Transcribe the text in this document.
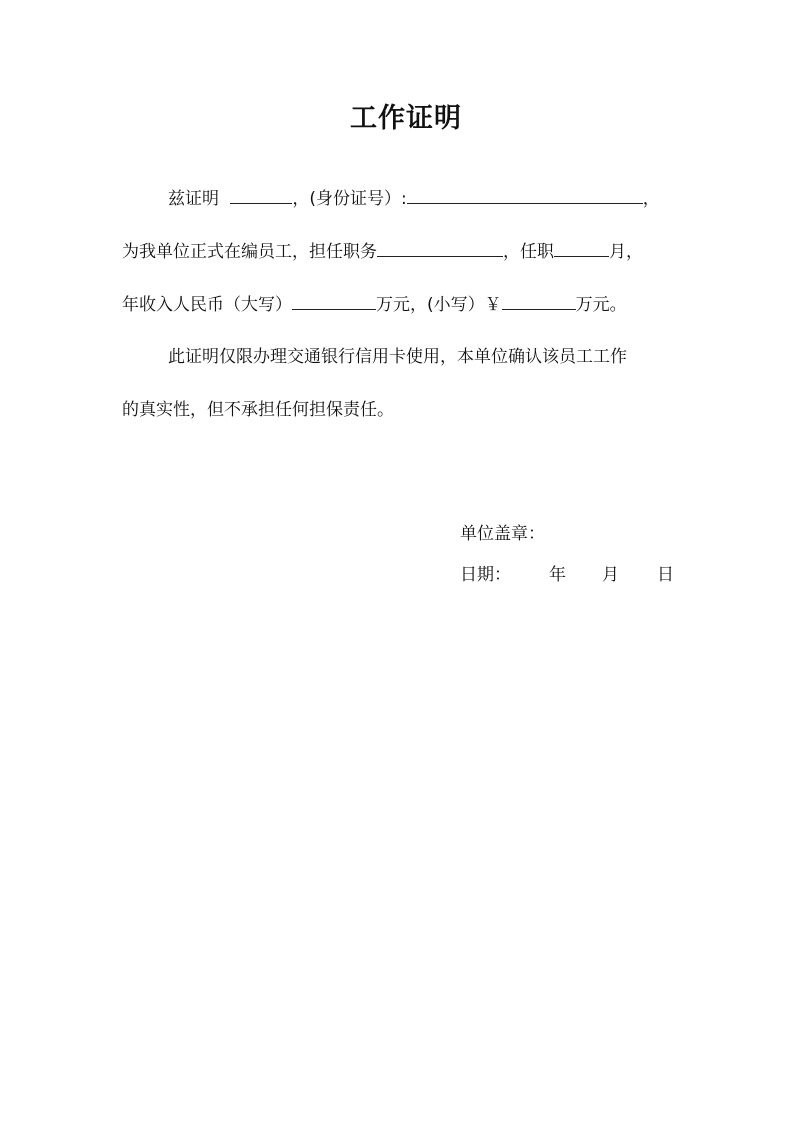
工作证明
兹证明	，(身份证号）:	，
为我单位正式在编员工，担任职务	，任职	月，
年收入人民币（大写）	万元，(小写）￥	万元。
此证明仅限办理交通银行信用卡使用，本单位确认该员工工作
的真实性，但不承担任何担保责任。
单位盖章：
日期： 年 月 日
